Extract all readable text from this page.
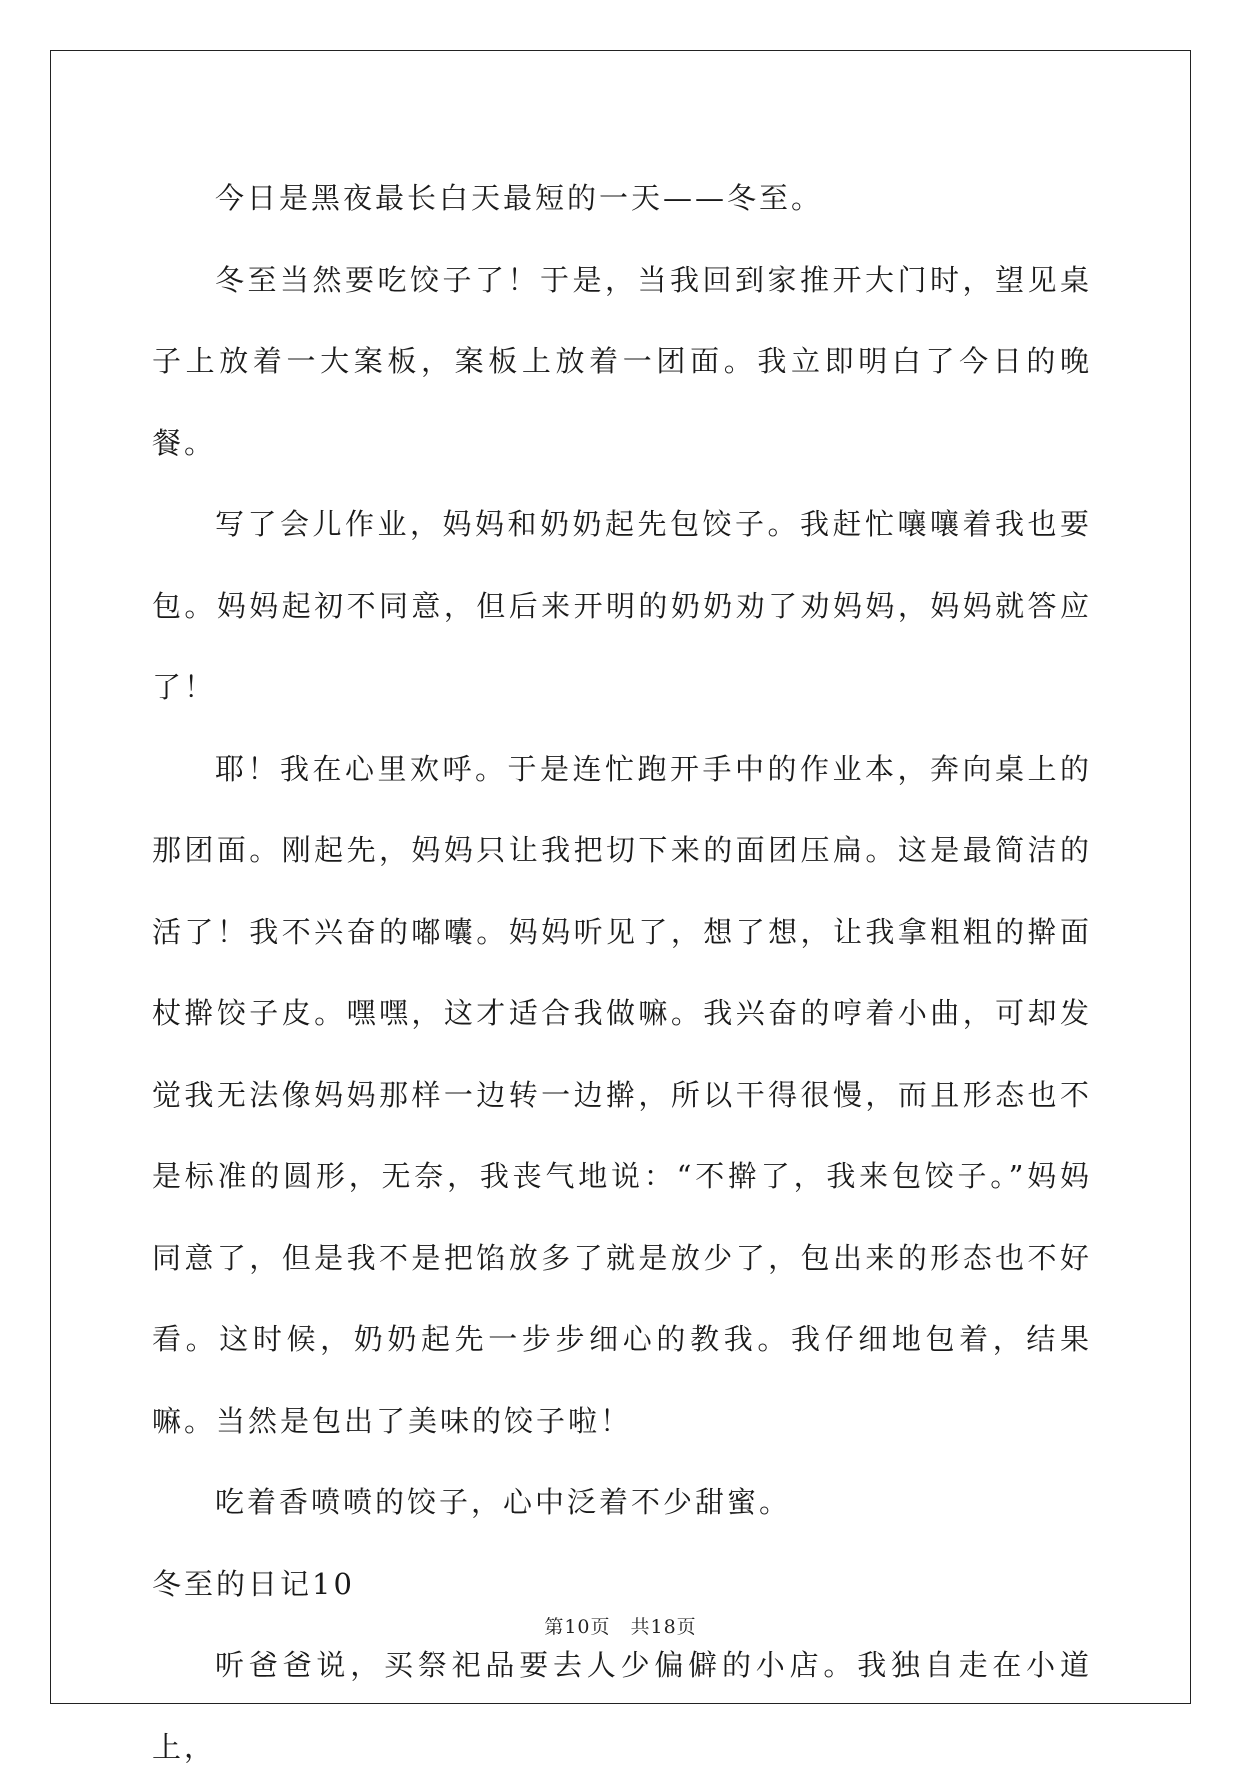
今日是黑夜最长白天最短的一天——冬至。

冬至当然要吃饺子了！于是，当我回到家推开大门时，望见桌子上放着一大案板，案板上放着一团面。我立即明白了今日的晚餐。

写了会儿作业，妈妈和奶奶起先包饺子。我赶忙嚷嚷着我也要包。妈妈起初不同意，但后来开明的奶奶劝了劝妈妈，妈妈就答应了！

耶！我在心里欢呼。于是连忙跑开手中的作业本，奔向桌上的那团面。刚起先，妈妈只让我把切下来的面团压扁。这是最简洁的活了！我不兴奋的嘟囔。妈妈听见了，想了想，让我拿粗粗的擀面杖擀饺子皮。嘿嘿，这才适合我做嘛。我兴奋的哼着小曲，可却发觉我无法像妈妈那样一边转一边擀，所以干得很慢，而且形态也不是标准的圆形，无奈，我丧气地说：“不擀了，我来包饺子。”妈妈同意了，但是我不是把馅放多了就是放少了，包出来的形态也不好看。这时候，奶奶起先一步步细心的教我。我仔细地包着，结果嘛。当然是包出了美味的饺子啦！

吃着香喷喷的饺子，心中泛着不少甜蜜。

冬至的日记10

听爸爸说，买祭祀品要去人少偏僻的小店。我独自走在小道上，

第10页 共18页
